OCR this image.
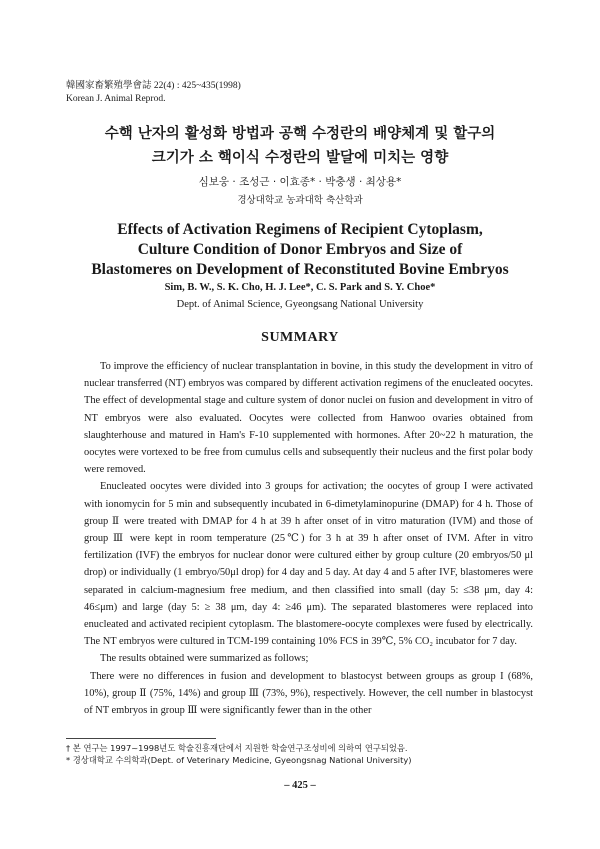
韓國家畜繁殖學會誌 22(4) : 425~435(1998)
Korean J. Animal Reprod.
수핵 난자의 활성화 방법과 공핵 수정란의 배양체계 및 할구의
크기가 소 핵이식 수정란의 발달에 미치는 영향
심보웅 · 조성근 · 이효종* · 박충생 · 최상용*
경상대학교 농과대학 축산학과
Effects of Activation Regimens of Recipient Cytoplasm,
Culture Condition of Donor Embryos and Size of
Blastomeres on Development of Reconstituted Bovine Embryos
Sim, B. W., S. K. Cho, H. J. Lee*, C. S. Park and S. Y. Choe*
Dept. of Animal Science, Gyeongsang National University
SUMMARY

To improve the efficiency of nuclear transplantation in bovine, in this study the development in vitro of nuclear transferred (NT) embryos was compared by different activation regimens of the enucleated oocytes. The effect of developmental stage and culture system of donor nuclei on fusion and development in vitro of NT embryos were also evaluated. Oocytes were collected from Hanwoo ovaries obtained from slaughterhouse and matured in Ham's F-10 supplemented with hormones. After 20~22 h maturation, the oocytes were vortexed to be free from cumulus cells and subsequently their nucleus and the first polar body were removed.

Enucleated oocytes were divided into 3 groups for activation; the oocytes of group I were activated with ionomycin for 5 min and subsequently incubated in 6-dimetylaminopurine (DMAP) for 4 h. Those of group Ⅱ were treated with DMAP for 4 h at 39 h after onset of in vitro maturation (IVM) and those of group Ⅲ were kept in room temperature (25℃) for 3 h at 39 h after onset of IVM. After in vitro fertilization (IVF) the embryos for nuclear donor were cultured either by group culture (20 embryos/50 μl drop) or individually (1 embryo/50μl drop) for 4 day and 5 day. At day 4 and 5 after IVF, blastomeres were separated in calcium-magnesium free medium, and then classified into small (day 5: ≤38 μm, day 4: 46≤μm) and large (day 5: ≥ 38 μm, day 4: ≥46 μm). The separated blastomeres were replaced into enucleated and activated recipient cytoplasm. The blastomere-oocyte complexes were fused by electrically. The NT embryos were cultured in TCM-199 containing 10% FCS in 39℃, 5% CO₂ incubator for 7 day.

The results obtained were summarized as follows;

There were no differences in fusion and development to blastocyst between groups as group I (68%, 10%), group Ⅱ (75%, 14%) and group Ⅲ (73%, 9%), respectively. However, the cell number in blastocyst of NT embryos in group Ⅲ were significantly fewer than in the other

† 본 연구는 1997~1998년도 학술진흥재단에서 지원한 학술연구조성비에 의하여 연구되었음.
* 경상대학교 수의학과(Dept. of Veterinary Medicine, Gyeongsnag National University)
– 425 –
